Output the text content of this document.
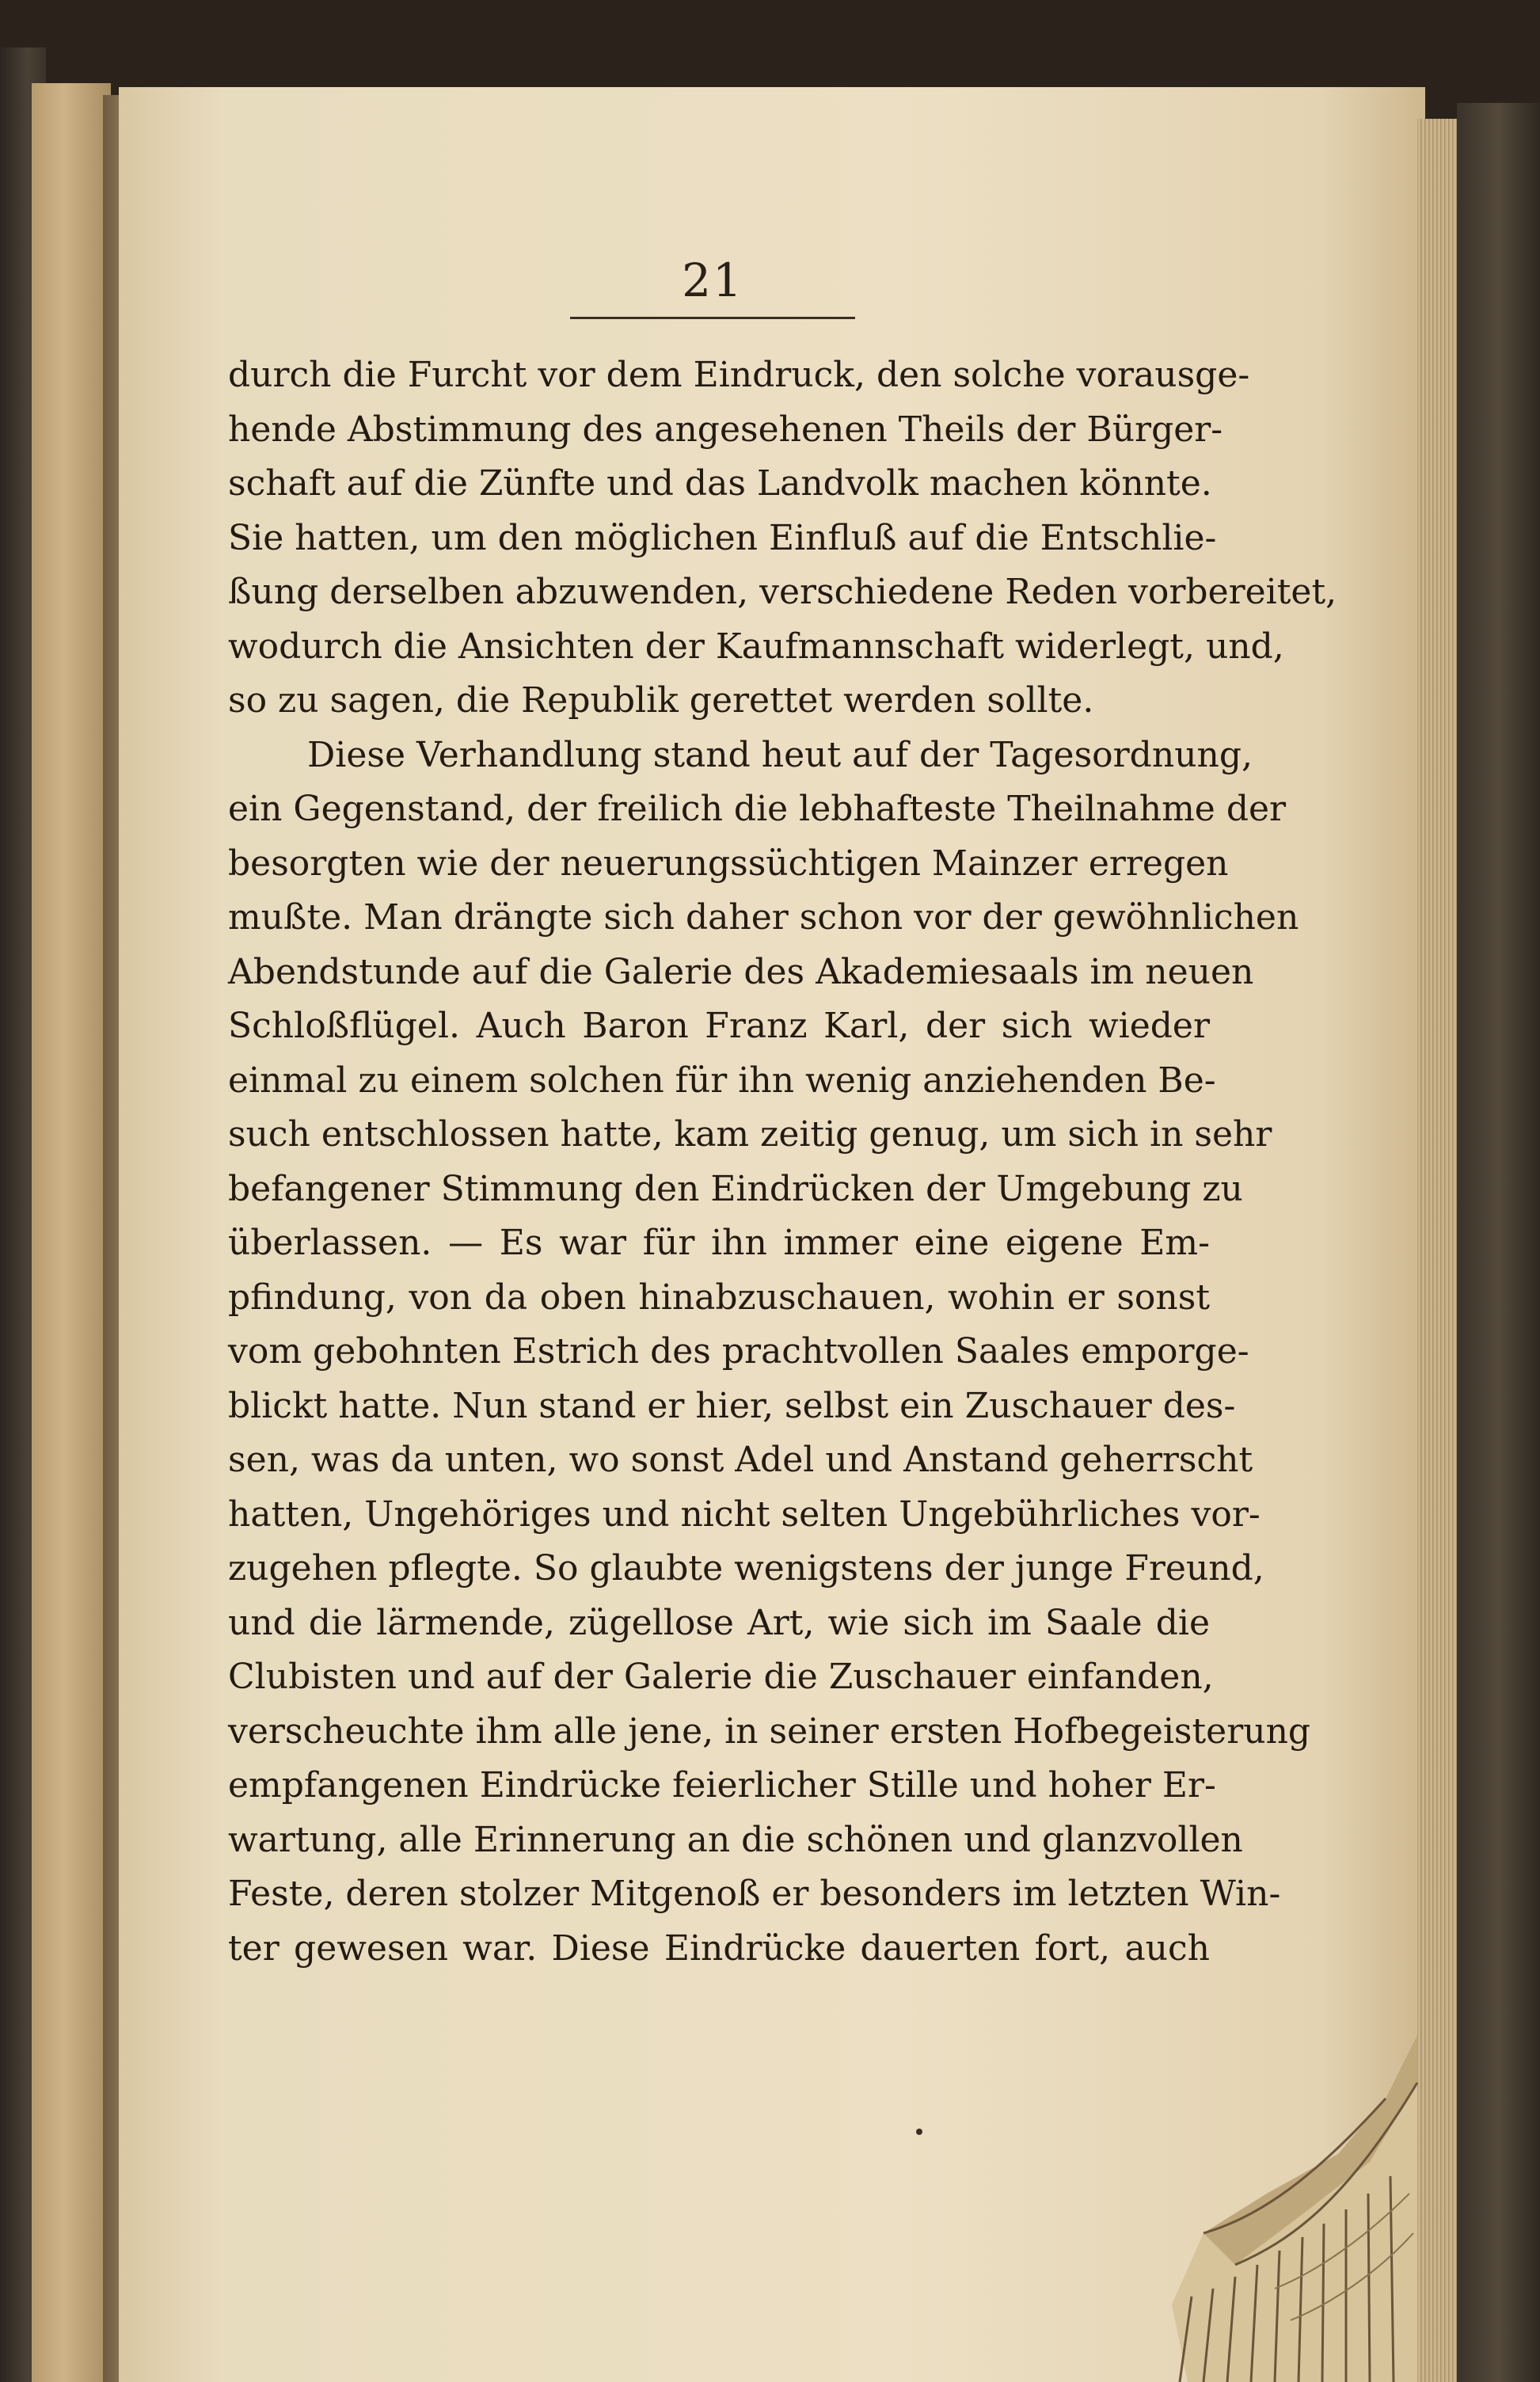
21
durch die Furcht vor dem Eindruck, den solche vorausge-
hende Abstimmung des angesehenen Theils der Bürger-
schaft auf die Zünfte und das Landvolk machen könnte.
Sie hatten, um den möglichen Einfluß auf die Entschlie-
ßung derselben abzuwenden, verschiedene Reden vorbereitet,
wodurch die Ansichten der Kaufmannschaft widerlegt, und,
so zu sagen, die Republik gerettet werden sollte.
Diese Verhandlung stand heut auf der Tagesordnung,
ein Gegenstand, der freilich die lebhafteste Theilnahme der
besorgten wie der neuerungssüchtigen Mainzer erregen
mußte. Man drängte sich daher schon vor der gewöhnlichen
Abendstunde auf die Galerie des Akademiesaals im neuen
Schloßflügel. Auch Baron Franz Karl, der sich wieder
einmal zu einem solchen für ihn wenig anziehenden Be-
such entschlossen hatte, kam zeitig genug, um sich in sehr
befangener Stimmung den Eindrücken der Umgebung zu
überlassen. — Es war für ihn immer eine eigene Em-
pfindung, von da oben hinabzuschauen, wohin er sonst
vom gebohnten Estrich des prachtvollen Saales emporge-
blickt hatte. Nun stand er hier, selbst ein Zuschauer des-
sen, was da unten, wo sonst Adel und Anstand geherrscht
hatten, Ungehöriges und nicht selten Ungebührliches vor-
zugehen pflegte. So glaubte wenigstens der junge Freund,
und die lärmende, zügellose Art, wie sich im Saale die
Clubisten und auf der Galerie die Zuschauer einfanden,
verscheuchte ihm alle jene, in seiner ersten Hofbegeisterung
empfangenen Eindrücke feierlicher Stille und hoher Er-
wartung, alle Erinnerung an die schönen und glanzvollen
Feste, deren stolzer Mitgenoß er besonders im letzten Win-
ter gewesen war. Diese Eindrücke dauerten fort, auch
